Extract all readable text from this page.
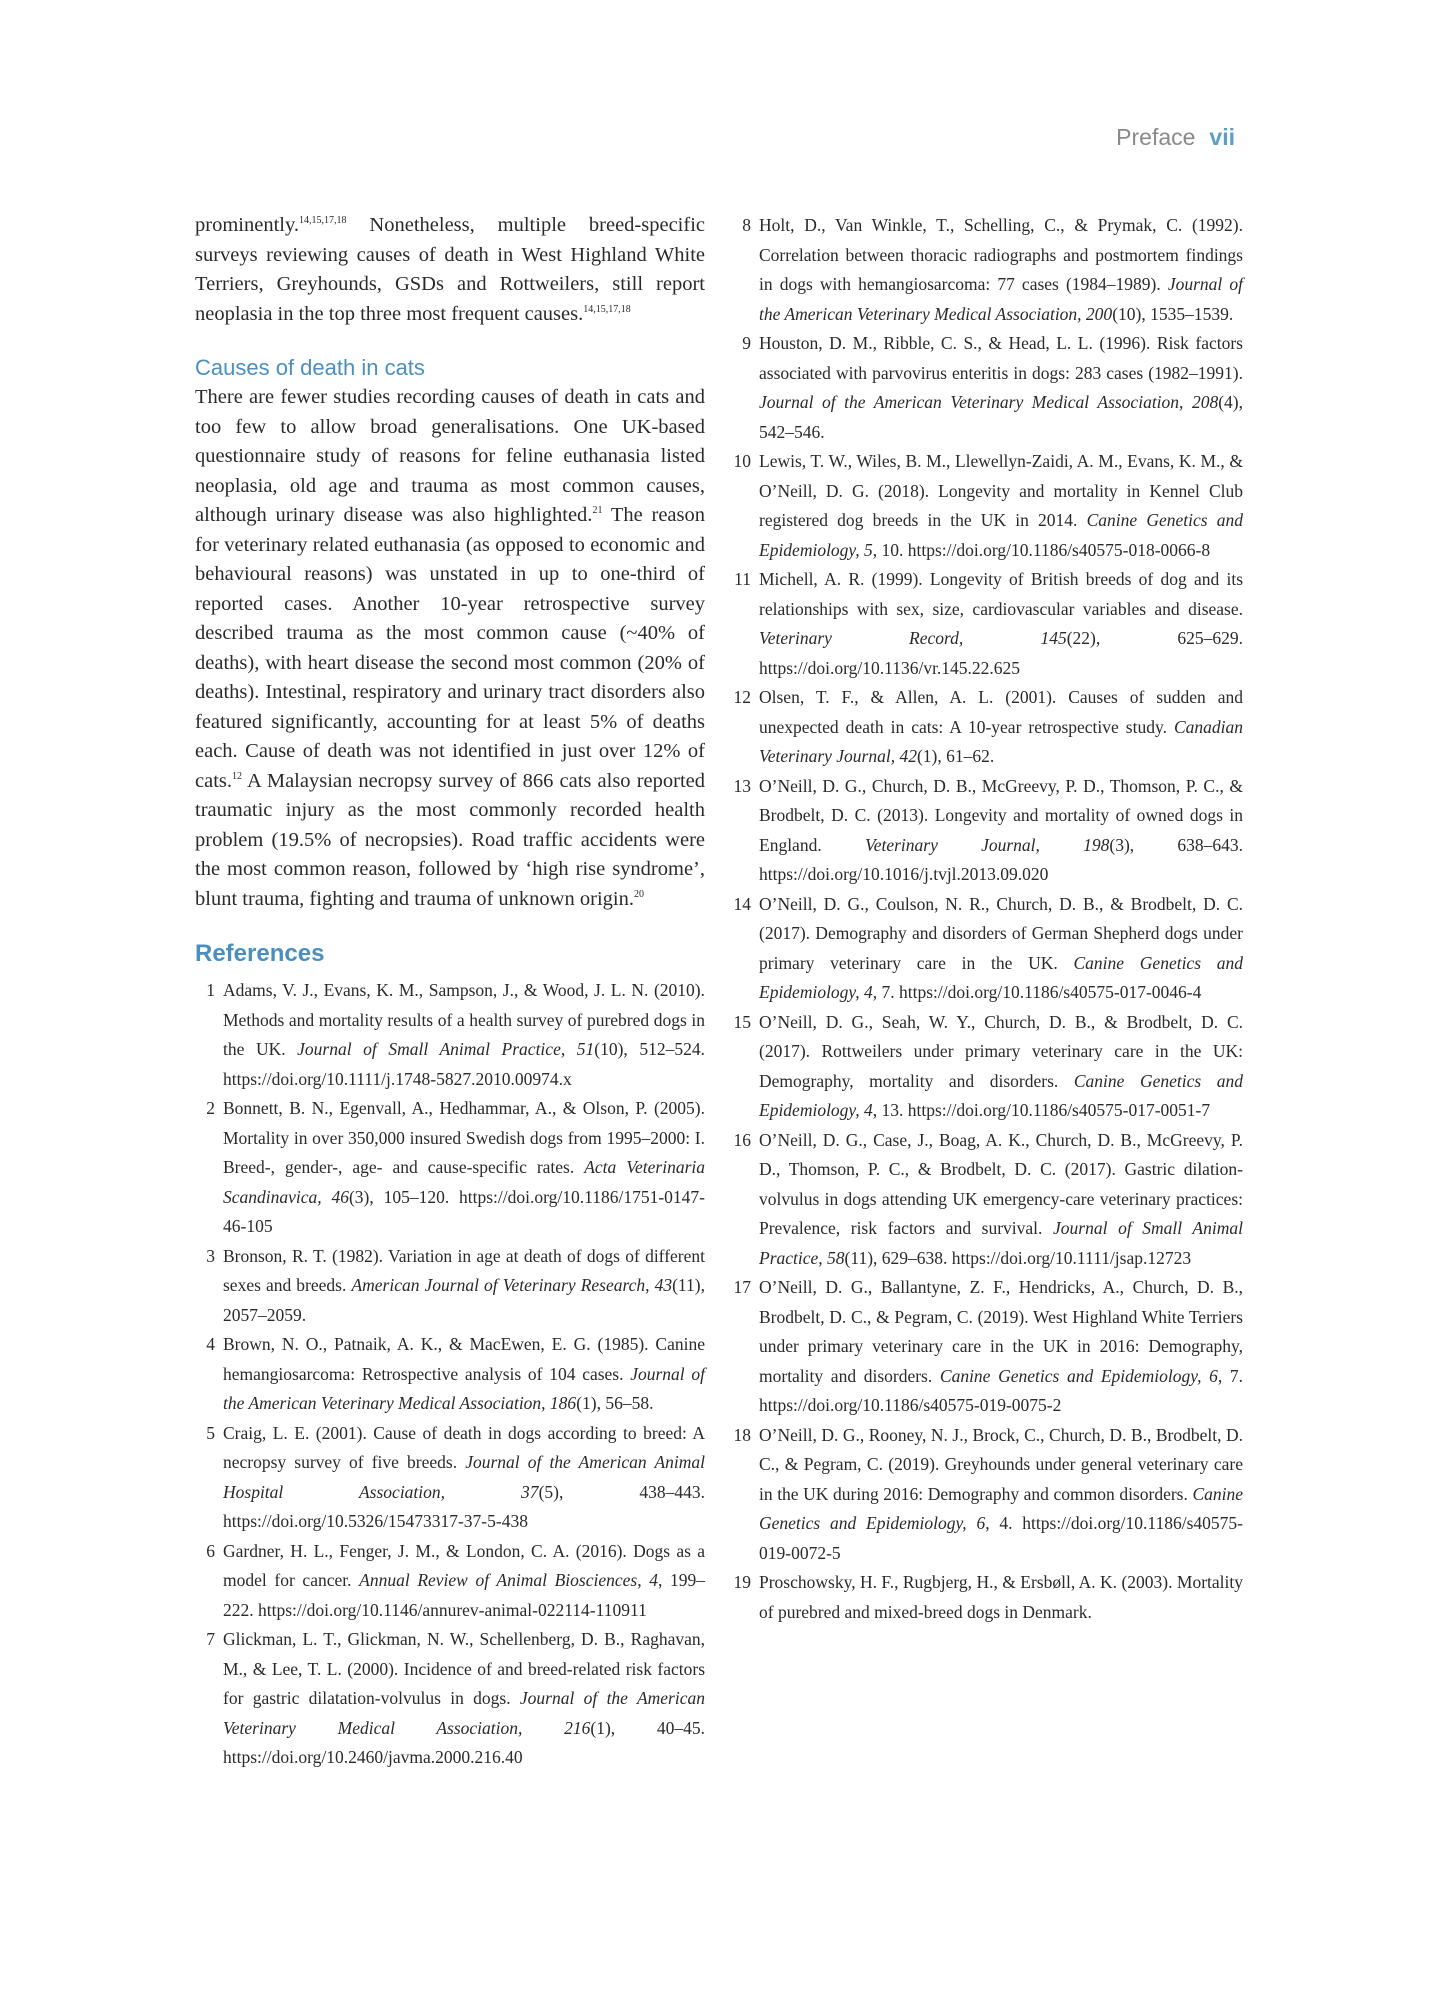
Preface vii

prominently.$^{14,15,17,18}$ Nonetheless, multiple breed-specific surveys reviewing causes of death in West Highland White Terriers, Greyhounds, GSDs and Rottweilers, still report neoplasia in the top three most frequent causes.$^{14,15,17,18}$

Causes of death in cats

There are fewer studies recording causes of death in cats and too few to allow broad generalisations. One UK-based questionnaire study of reasons for feline euthanasia listed neoplasia, old age and trauma as most common causes, although urinary disease was also highlighted.$^{21}$ The reason for veterinary related euthanasia (as opposed to economic and behavioural reasons) was unstated in up to one-third of reported cases. Another 10-year retrospective survey described trauma as the most common cause (~40% of deaths), with heart disease the second most common (20% of deaths). Intestinal, respiratory and urinary tract disorders also featured significantly, accounting for at least 5% of deaths each. Cause of death was not identified in just over 12% of cats.$^{12}$ A Malaysian necropsy survey of 866 cats also reported traumatic injury as the most commonly recorded health problem (19.5% of necropsies). Road traffic accidents were the most common reason, followed by ‘high rise syndrome’, blunt trauma, fighting and trauma of unknown origin.$^{20}$

References
1 Adams, V. J., Evans, K. M., Sampson, J., & Wood, J. L. N. (2010). Methods and mortality results of a health survey of purebred dogs in the UK. Journal of Small Animal Practice, 51(10), 512–524. https://doi.org/10.1111/j.1748-5827.2010.00974.x
2 Bonnett, B. N., Egenvall, A., Hedhammar, A., & Olson, P. (2005). Mortality in over 350,000 insured Swedish dogs from 1995–2000: I. Breed-, gender-, age- and cause-specific rates. Acta Veterinaria Scandinavica, 46(3), 105–120. https://doi.org/10.1186/1751-0147-46-105
3 Bronson, R. T. (1982). Variation in age at death of dogs of different sexes and breeds. American Journal of Veterinary Research, 43(11), 2057–2059.
4 Brown, N. O., Patnaik, A. K., & MacEwen, E. G. (1985). Canine hemangiosarcoma: Retrospective analysis of 104 cases. Journal of the American Veterinary Medical Association, 186(1), 56–58.
5 Craig, L. E. (2001). Cause of death in dogs according to breed: A necropsy survey of five breeds. Journal of the American Animal Hospital Association, 37(5), 438–443. https://doi.org/10.5326/15473317-37-5-438
6 Gardner, H. L., Fenger, J. M., & London, C. A. (2016). Dogs as a model for cancer. Annual Review of Animal Biosciences, 4, 199–222. https://doi.org/10.1146/annurev-animal-022114-110911
7 Glickman, L. T., Glickman, N. W., Schellenberg, D. B., Raghavan, M., & Lee, T. L. (2000). Incidence of and breed-related risk factors for gastric dilatation-volvulus in dogs. Journal of the American Veterinary Medical Association, 216(1), 40–45. https://doi.org/10.2460/javma.2000.216.40
8 Holt, D., Van Winkle, T., Schelling, C., & Prymak, C. (1992). Correlation between thoracic radiographs and postmortem findings in dogs with hemangiosarcoma: 77 cases (1984–1989). Journal of the American Veterinary Medical Association, 200(10), 1535–1539.
9 Houston, D. M., Ribble, C. S., & Head, L. L. (1996). Risk factors associated with parvovirus enteritis in dogs: 283 cases (1982–1991). Journal of the American Veterinary Medical Association, 208(4), 542–546.
10 Lewis, T. W., Wiles, B. M., Llewellyn-Zaidi, A. M., Evans, K. M., & O’Neill, D. G. (2018). Longevity and mortality in Kennel Club registered dog breeds in the UK in 2014. Canine Genetics and Epidemiology, 5, 10. https://doi.org/10.1186/s40575-018-0066-8
11 Michell, A. R. (1999). Longevity of British breeds of dog and its relationships with sex, size, cardiovascular variables and disease. Veterinary Record, 145(22), 625–629. https://doi.org/10.1136/vr.145.22.625
12 Olsen, T. F., & Allen, A. L. (2001). Causes of sudden and unexpected death in cats: A 10-year retrospective study. Canadian Veterinary Journal, 42(1), 61–62.
13 O’Neill, D. G., Church, D. B., McGreevy, P. D., Thomson, P. C., & Brodbelt, D. C. (2013). Longevity and mortality of owned dogs in England. Veterinary Journal, 198(3), 638–643. https://doi.org/10.1016/j.tvjl.2013.09.020
14 O’Neill, D. G., Coulson, N. R., Church, D. B., & Brodbelt, D. C. (2017). Demography and disorders of German Shepherd dogs under primary veterinary care in the UK. Canine Genetics and Epidemiology, 4, 7. https://doi.org/10.1186/s40575-017-0046-4
15 O’Neill, D. G., Seah, W. Y., Church, D. B., & Brodbelt, D. C. (2017). Rottweilers under primary veterinary care in the UK: Demography, mortality and disorders. Canine Genetics and Epidemiology, 4, 13. https://doi.org/10.1186/s40575-017-0051-7
16 O’Neill, D. G., Case, J., Boag, A. K., Church, D. B., McGreevy, P. D., Thomson, P. C., & Brodbelt, D. C. (2017). Gastric dilation-volvulus in dogs attending UK emergency-care veterinary practices: Prevalence, risk factors and survival. Journal of Small Animal Practice, 58(11), 629–638. https://doi.org/10.1111/jsap.12723
17 O’Neill, D. G., Ballantyne, Z. F., Hendricks, A., Church, D. B., Brodbelt, D. C., & Pegram, C. (2019). West Highland White Terriers under primary veterinary care in the UK in 2016: Demography, mortality and disorders. Canine Genetics and Epidemiology, 6, 7. https://doi.org/10.1186/s40575-019-0075-2
18 O’Neill, D. G., Rooney, N. J., Brock, C., Church, D. B., Brodbelt, D. C., & Pegram, C. (2019). Greyhounds under general veterinary care in the UK during 2016: Demography and common disorders. Canine Genetics and Epidemiology, 6, 4. https://doi.org/10.1186/s40575-019-0072-5
19 Proschowsky, H. F., Rugbjerg, H., & Ersbøll, A. K. (2003). Mortality of purebred and mixed-breed dogs in Denmark.
